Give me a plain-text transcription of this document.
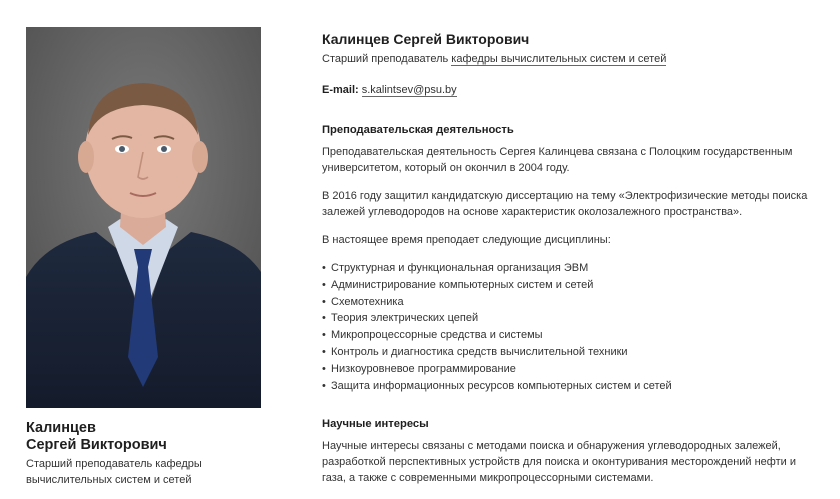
Калинцев
Сергей Викторович
Старший преподаватель кафедры вычислительных систем и сетей
Калинцев Сергей Викторович
Старший преподаватель кафедры вычислительных систем и сетей
E-mail: s.kalintsev@psu.by
Преподавательская деятельность
Преподавательская деятельность Сергея Калинцева связана с Полоцким государственным университетом, который он окончил в 2004 году.
В 2016 году защитил кандидатскую диссертацию на тему «Электрофизические методы поиска залежей углеводородов на основе характеристик околозалежного пространства».
В настоящее время преподает следующие дисциплины:
• Структурная и функциональная организация ЭВМ
• Администрирование компьютерных систем и сетей
• Схемотехника
• Теория электрических цепей
• Микропроцессорные средства и системы
• Контроль и диагностика средств вычислительной техники
• Низкоуровневое программирование
• Защита информационных ресурсов компьютерных систем и сетей
Научные интересы
Научные интересы связаны с методами поиска и обнаружения углеводородных залежей, разработкой перспективных устройств для поиска и оконтуривания месторождений нефти и газа, а также с современными микропроцессорными системами.
